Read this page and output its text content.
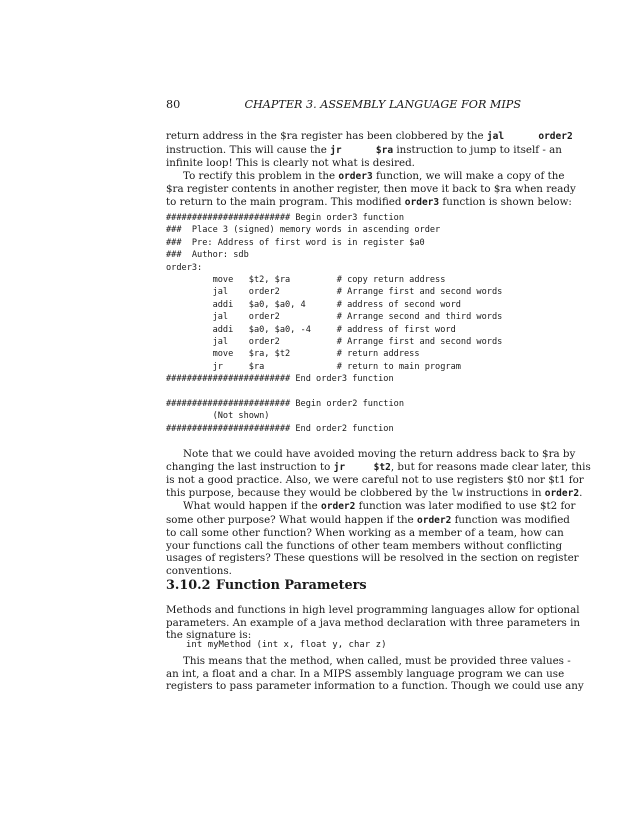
80	CHAPTER 3. ASSEMBLY LANGUAGE FOR MIPS

return address in the $ra register has been clobbered by the jal      order2
instruction. This will cause the jr      $ra instruction to jump to itself - an
infinite loop! This is clearly not what is desired.

To rectify this problem in the order3 function, we will make a copy of the
$ra register contents in another register, then move it back to $ra when ready
to return to the main program. This modified order3 function is shown below:

######################## Begin order3 function
###  Place 3 (signed) memory words in ascending order
###  Pre: Address of first word is in register $a0
###  Author: sdb
order3:
move   $t2, $ra         # copy return address
jal    order2           # Arrange first and second words
addi   $a0, $a0, 4      # address of second word
jal    order2           # Arrange second and third words
addi   $a0, $a0, -4     # address of first word
jal    order2           # Arrange first and second words
move   $ra, $t2         # return address
jr     $ra              # return to main program
######################## End order3 function
######################## Begin order2 function
(Not shown)
######################## End order2 function

Note that we could have avoided moving the return address back to $ra by
changing the last instruction to jr     $t2, but for reasons made clear later, this
is not a good practice. Also, we were careful not to use registers $t0 nor $t1 for
this purpose, because they would be clobbered by the lw instructions in order2.

What would happen if the order2 function was later modified to use $t2 for
some other purpose? What would happen if the order2 function was modified
to call some other function? When working as a member of a team, how can
your functions call the functions of other team members without conflicting
usages of registers? These questions will be resolved in the section on register
conventions.

3.10.2 Function Parameters

Methods and functions in high level programming languages allow for optional
parameters. An example of a java method declaration with three parameters in
the signature is:

int myMethod (int x, float y, char z)

This means that the method, when called, must be provided three values -
an int, a float and a char. In a MIPS assembly language program we can use
registers to pass parameter information to a function. Though we could use any
